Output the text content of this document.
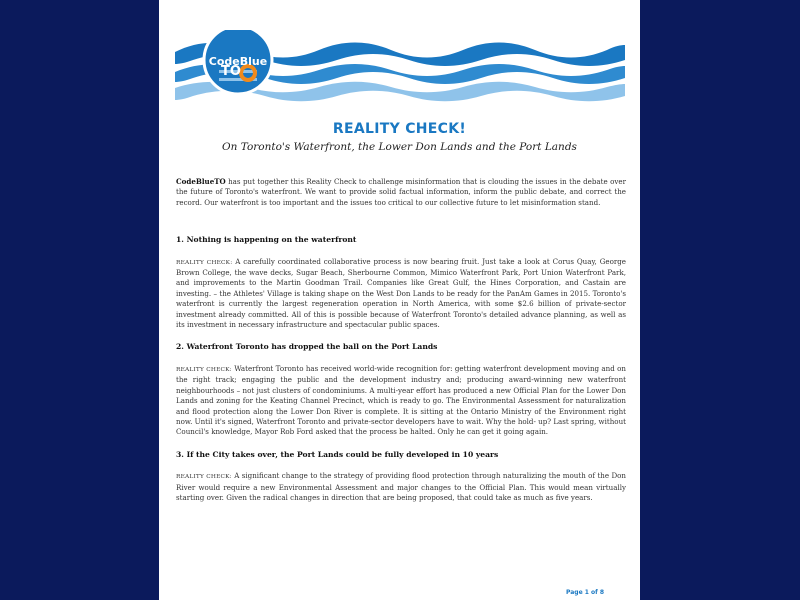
CodeBlue
TO
REALITY CHECK!
On Toronto's Waterfront, the Lower Don Lands and the Port Lands

CodeBlueTO has put together this Reality Check to challenge misinformation that is clouding the issues in the debate over the future of Toronto's waterfront. We want to provide solid factual information, inform the public debate, and correct the record. Our waterfront is too important and the issues too critical to our collective future to let misinformation stand.

1. Nothing is happening on the waterfront

REALITY CHECK: A carefully coordinated collaborative process is now bearing fruit. Just take a look at Corus Quay, George Brown College, the wave decks, Sugar Beach, Sherbourne Common, Mimico Waterfront Park, Port Union Waterfront Park, and improvements to the Martin Goodman Trail. Companies like Great Gulf, the Hines Corporation, and Castain are investing. – the Athletes' Village is taking shape on the West Don Lands to be ready for the PanAm Games in 2015. Toronto's waterfront is currently the largest regeneration operation in North America, with some $2.6 billion of private-sector investment already committed. All of this is possible because of Waterfront Toronto's detailed advance planning, as well as its investment in necessary infrastructure and spectacular public spaces.

2. Waterfront Toronto has dropped the ball on the Port Lands

REALITY CHECK: Waterfront Toronto has received world-wide recognition for: getting waterfront development moving and on the right track; engaging the public and the development industry and; producing award-winning new waterfront neighbourhoods – not just clusters of condominiums. A multi-year effort has produced a new Official Plan for the Lower Don Lands and zoning for the Keating Channel Precinct, which is ready to go. The Environmental Assessment for naturalization and flood protection along the Lower Don River is complete. It is sitting at the Ontario Ministry of the Environment right now. Until it's signed, Waterfront Toronto and private-sector developers have to wait. Why the hold- up? Last spring, without Council's knowledge, Mayor Rob Ford asked that the process be halted. Only he can get it going again.

3. If the City takes over, the Port Lands could be fully developed in 10 years

REALITY CHECK: A significant change to the strategy of providing flood protection through naturalizing the mouth of the Don River would require a new Environmental Assessment and major changes to the Official Plan. This would mean virtually starting over. Given the radical changes in direction that are being proposed, that could take as much as five years.

Page 1 of 8
